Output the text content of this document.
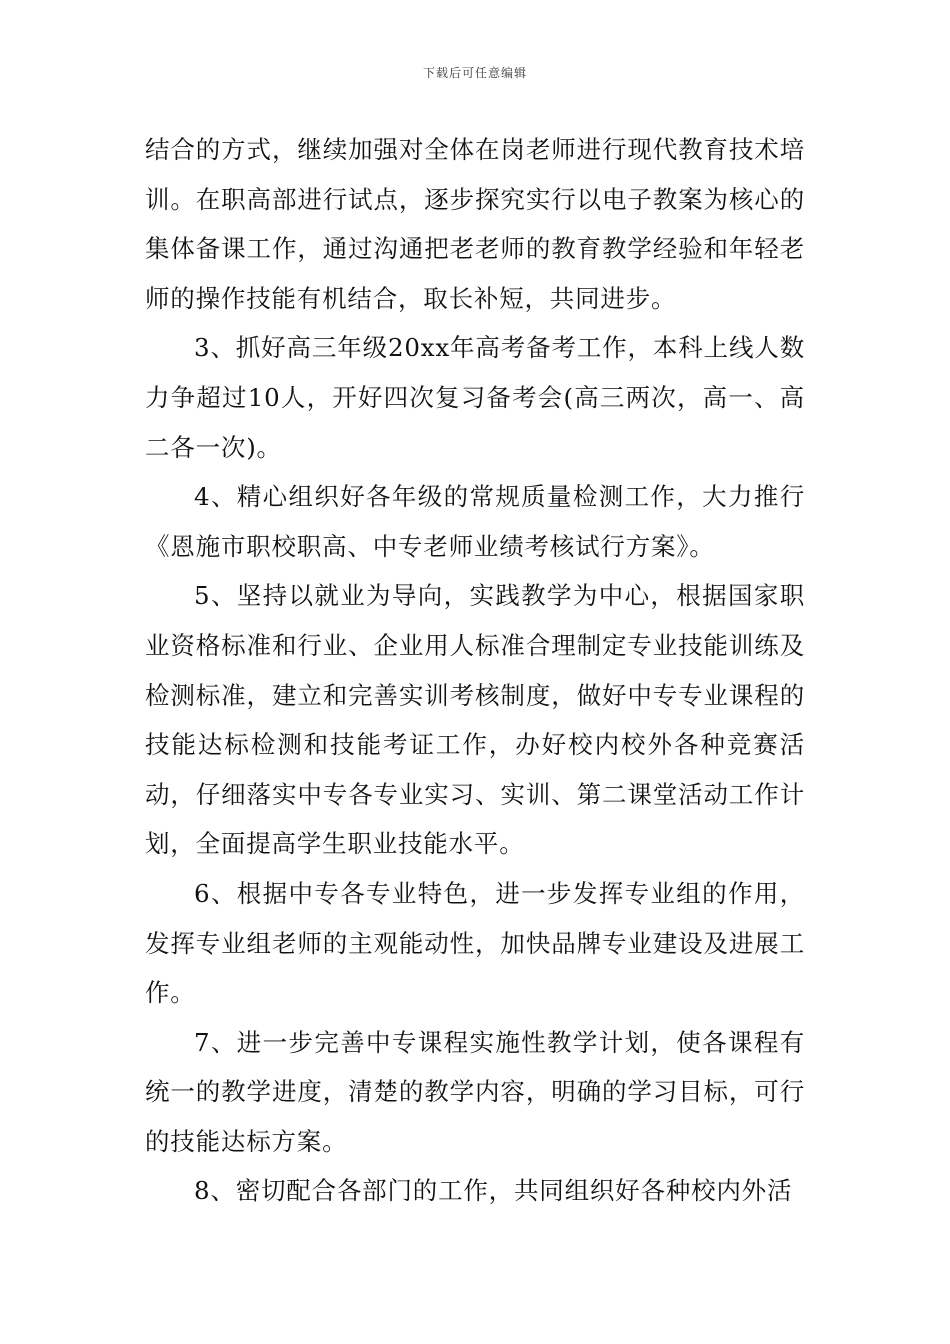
下载后可任意编辑

结合的方式，继续加强对全体在岗老师进行现代教育技术培训。在职高部进行试点，逐步探究实行以电子教案为核心的集体备课工作，通过沟通把老老师的教育教学经验和年轻老师的操作技能有机结合，取长补短，共同进步。

3、抓好高三年级20xx年高考备考工作，本科上线人数力争超过10人，开好四次复习备考会(高三两次，高一、高二各一次)。

4、精心组织好各年级的常规质量检测工作，大力推行《恩施市职校职高、中专老师业绩考核试行方案》。

5、坚持以就业为导向，实践教学为中心，根据国家职业资格标准和行业、企业用人标准合理制定专业技能训练及检测标准，建立和完善实训考核制度，做好中专专业课程的技能达标检测和技能考证工作，办好校内校外各种竞赛活动，仔细落实中专各专业实习、实训、第二课堂活动工作计划，全面提高学生职业技能水平。

6、根据中专各专业特色，进一步发挥专业组的作用，发挥专业组老师的主观能动性，加快品牌专业建设及进展工作。

7、进一步完善中专课程实施性教学计划，使各课程有统一的教学进度，清楚的教学内容，明确的学习目标，可行的技能达标方案。

8、密切配合各部门的工作，共同组织好各种校内外活
